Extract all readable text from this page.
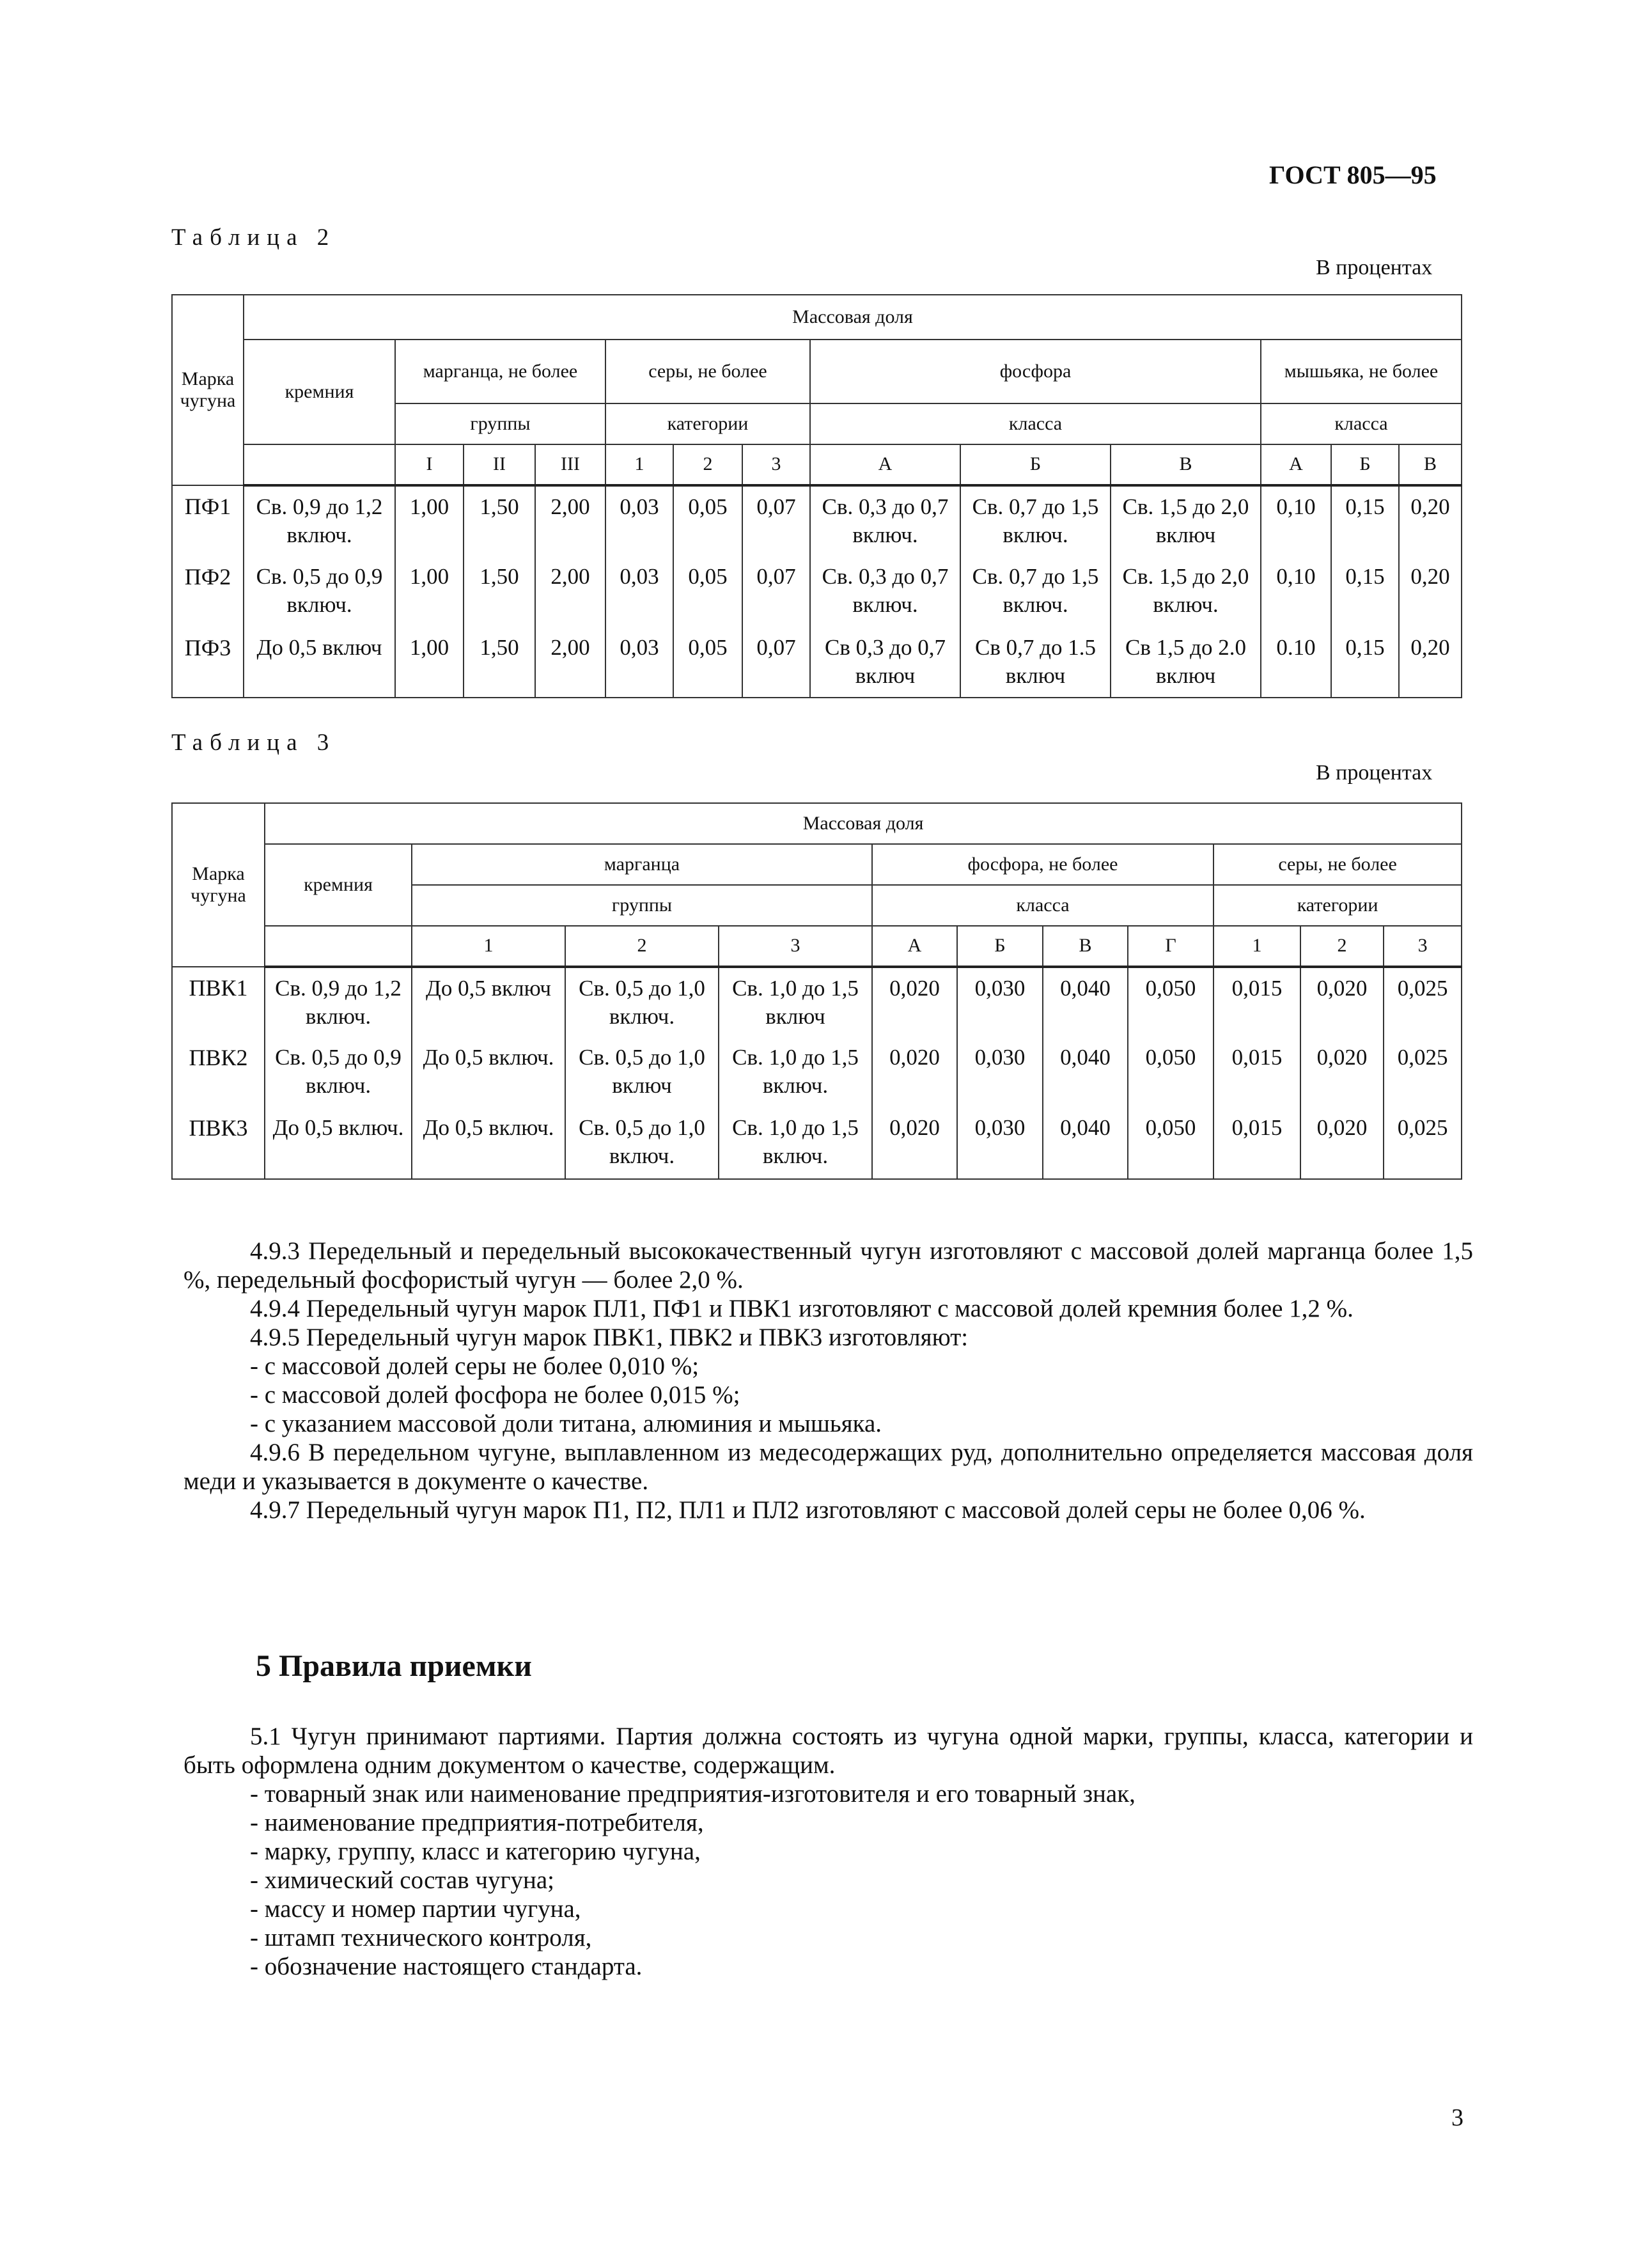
ГОСТ 805—95
Таблица 2
В процентах
Марка чугуна	Массовая доля												
	кремния	марганца, не более			серы, не более			фосфора			мышьяка, не более		
		группы			категории			класса			класса		
		I	II	III	1	2	3	А	Б	В	А	Б	В
ПФ1	Св. 0,9 до 1,2 включ.	1,00	1,50	2,00	0,03	0,05	0,07	Св. 0,3 до 0,7 включ.	Св. 0,7 до 1,5 включ.	Св. 1,5 до 2,0 включ	0,10	0,15	0,20
ПФ2	Св. 0,5 до 0,9 включ.	1,00	1,50	2,00	0,03	0,05	0,07	Св. 0,3 до 0,7 включ.	Св. 0,7 до 1,5 включ.	Св. 1,5 до 2,0 включ.	0,10	0,15	0,20
ПФ3	До 0,5 включ	1,00	1,50	2,00	0,03	0,05	0,07	Св 0,3 до 0,7 включ	Св 0,7 до 1.5 включ	Св 1,5 до 2.0 включ	0.10	0,15	0,20
Таблица 3
В процентах
Марка чугуна	Массовая доля										
	кремния	марганца			фосфора, не более				серы, не более		
		группы			класса				категории		
		1	2	3	А	Б	В	Г	1	2	3
ПВК1	Св. 0,9 до 1,2 включ.	До 0,5 включ	Св. 0,5 до 1,0 включ.	Св. 1,0 до 1,5 включ	0,020	0,030	0,040	0,050	0,015	0,020	0,025
ПВК2	Св. 0,5 до 0,9 включ.	До 0,5 включ.	Св. 0,5 до 1,0 включ	Св. 1,0 до 1,5 включ.	0,020	0,030	0,040	0,050	0,015	0,020	0,025
ПВК3	До 0,5 включ.	До 0,5 включ.	Св. 0,5 до 1,0 включ.	Св. 1,0 до 1,5 включ.	0,020	0,030	0,040	0,050	0,015	0,020	0,025

4.9.3 Передельный и передельный высококачественный чугун изготовляют с массовой долей марганца более 1,5 %, передельный фосфористый чугун — более 2,0 %.

4.9.4 Передельный чугун марок ПЛ1, ПФ1 и ПВК1 изготовляют с массовой долей кремния более 1,2 %.

4.9.5 Передельный чугун марок ПВК1, ПВК2 и ПВК3 изготовляют:

- с массовой долей серы не более 0,010 %;

- с массовой долей фосфора не более 0,015 %;

- с указанием массовой доли титана, алюминия и мышьяка.

4.9.6 В передельном чугуне, выплавленном из медесодержащих руд, дополнительно определяется массовая доля меди и указывается в документе о качестве.

4.9.7 Передельный чугун марок П1, П2, ПЛ1 и ПЛ2 изготовляют с массовой долей серы не более 0,06 %.

5 Правила приемки

5.1 Чугун принимают партиями. Партия должна состоять из чугуна одной марки, группы, класса, категории и быть оформлена одним документом о качестве, содержащим.

- товарный знак или наименование предприятия-изготовителя и его товарный знак,

- наименование предприятия-потребителя,

- марку, группу, класс и категорию чугуна,

- химический состав чугуна;

- массу и номер партии чугуна,

- штамп технического контроля,

- обозначение настоящего стандарта.

3
